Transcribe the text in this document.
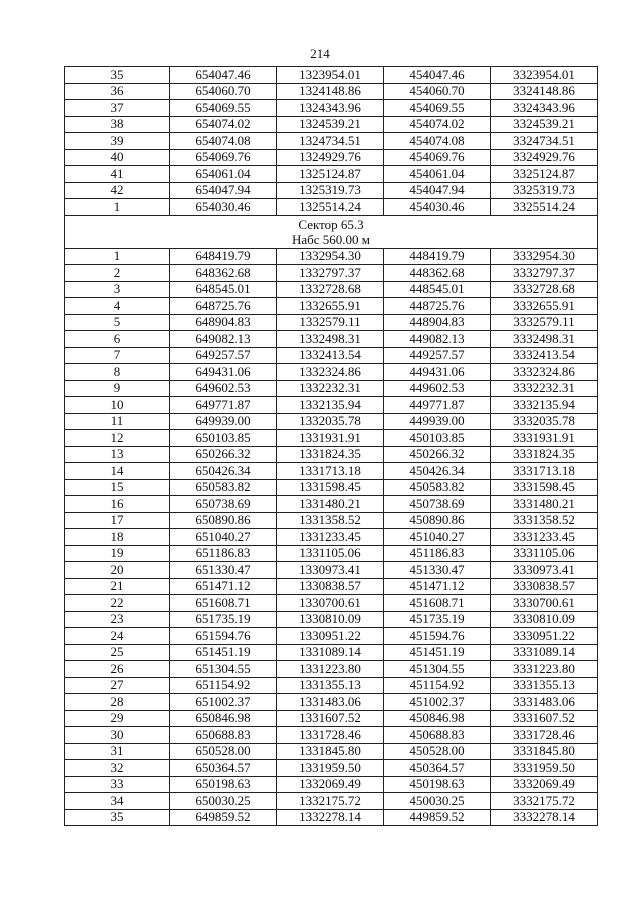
214
35	654047.46	1323954.01	454047.46	3323954.01
36	654060.70	1324148.86	454060.70	3324148.86
37	654069.55	1324343.96	454069.55	3324343.96
38	654074.02	1324539.21	454074.02	3324539.21
39	654074.08	1324734.51	454074.08	3324734.51
40	654069.76	1324929.76	454069.76	3324929.76
41	654061.04	1325124.87	454061.04	3325124.87
42	654047.94	1325319.73	454047.94	3325319.73
1	654030.46	1325514.24	454030.46	3325514.24

Сектор 65.3
Набс 560.00 м				

1	648419.79	1332954.30	448419.79	3332954.30
2	648362.68	1332797.37	448362.68	3332797.37
3	648545.01	1332728.68	448545.01	3332728.68
4	648725.76	1332655.91	448725.76	3332655.91
5	648904.83	1332579.11	448904.83	3332579.11
6	649082.13	1332498.31	449082.13	3332498.31
7	649257.57	1332413.54	449257.57	3332413.54
8	649431.06	1332324.86	449431.06	3332324.86
9	649602.53	1332232.31	449602.53	3332232.31
10	649771.87	1332135.94	449771.87	3332135.94
11	649939.00	1332035.78	449939.00	3332035.78
12	650103.85	1331931.91	450103.85	3331931.91
13	650266.32	1331824.35	450266.32	3331824.35
14	650426.34	1331713.18	450426.34	3331713.18
15	650583.82	1331598.45	450583.82	3331598.45
16	650738.69	1331480.21	450738.69	3331480.21
17	650890.86	1331358.52	450890.86	3331358.52
18	651040.27	1331233.45	451040.27	3331233.45
19	651186.83	1331105.06	451186.83	3331105.06
20	651330.47	1330973.41	451330.47	3330973.41
21	651471.12	1330838.57	451471.12	3330838.57
22	651608.71	1330700.61	451608.71	3330700.61
23	651735.19	1330810.09	451735.19	3330810.09
24	651594.76	1330951.22	451594.76	3330951.22
25	651451.19	1331089.14	451451.19	3331089.14
26	651304.55	1331223.80	451304.55	3331223.80
27	651154.92	1331355.13	451154.92	3331355.13
28	651002.37	1331483.06	451002.37	3331483.06
29	650846.98	1331607.52	450846.98	3331607.52
30	650688.83	1331728.46	450688.83	3331728.46
31	650528.00	1331845.80	450528.00	3331845.80
32	650364.57	1331959.50	450364.57	3331959.50
33	650198.63	1332069.49	450198.63	3332069.49
34	650030.25	1332175.72	450030.25	3332175.72
35	649859.52	1332278.14	449859.52	3332278.14
